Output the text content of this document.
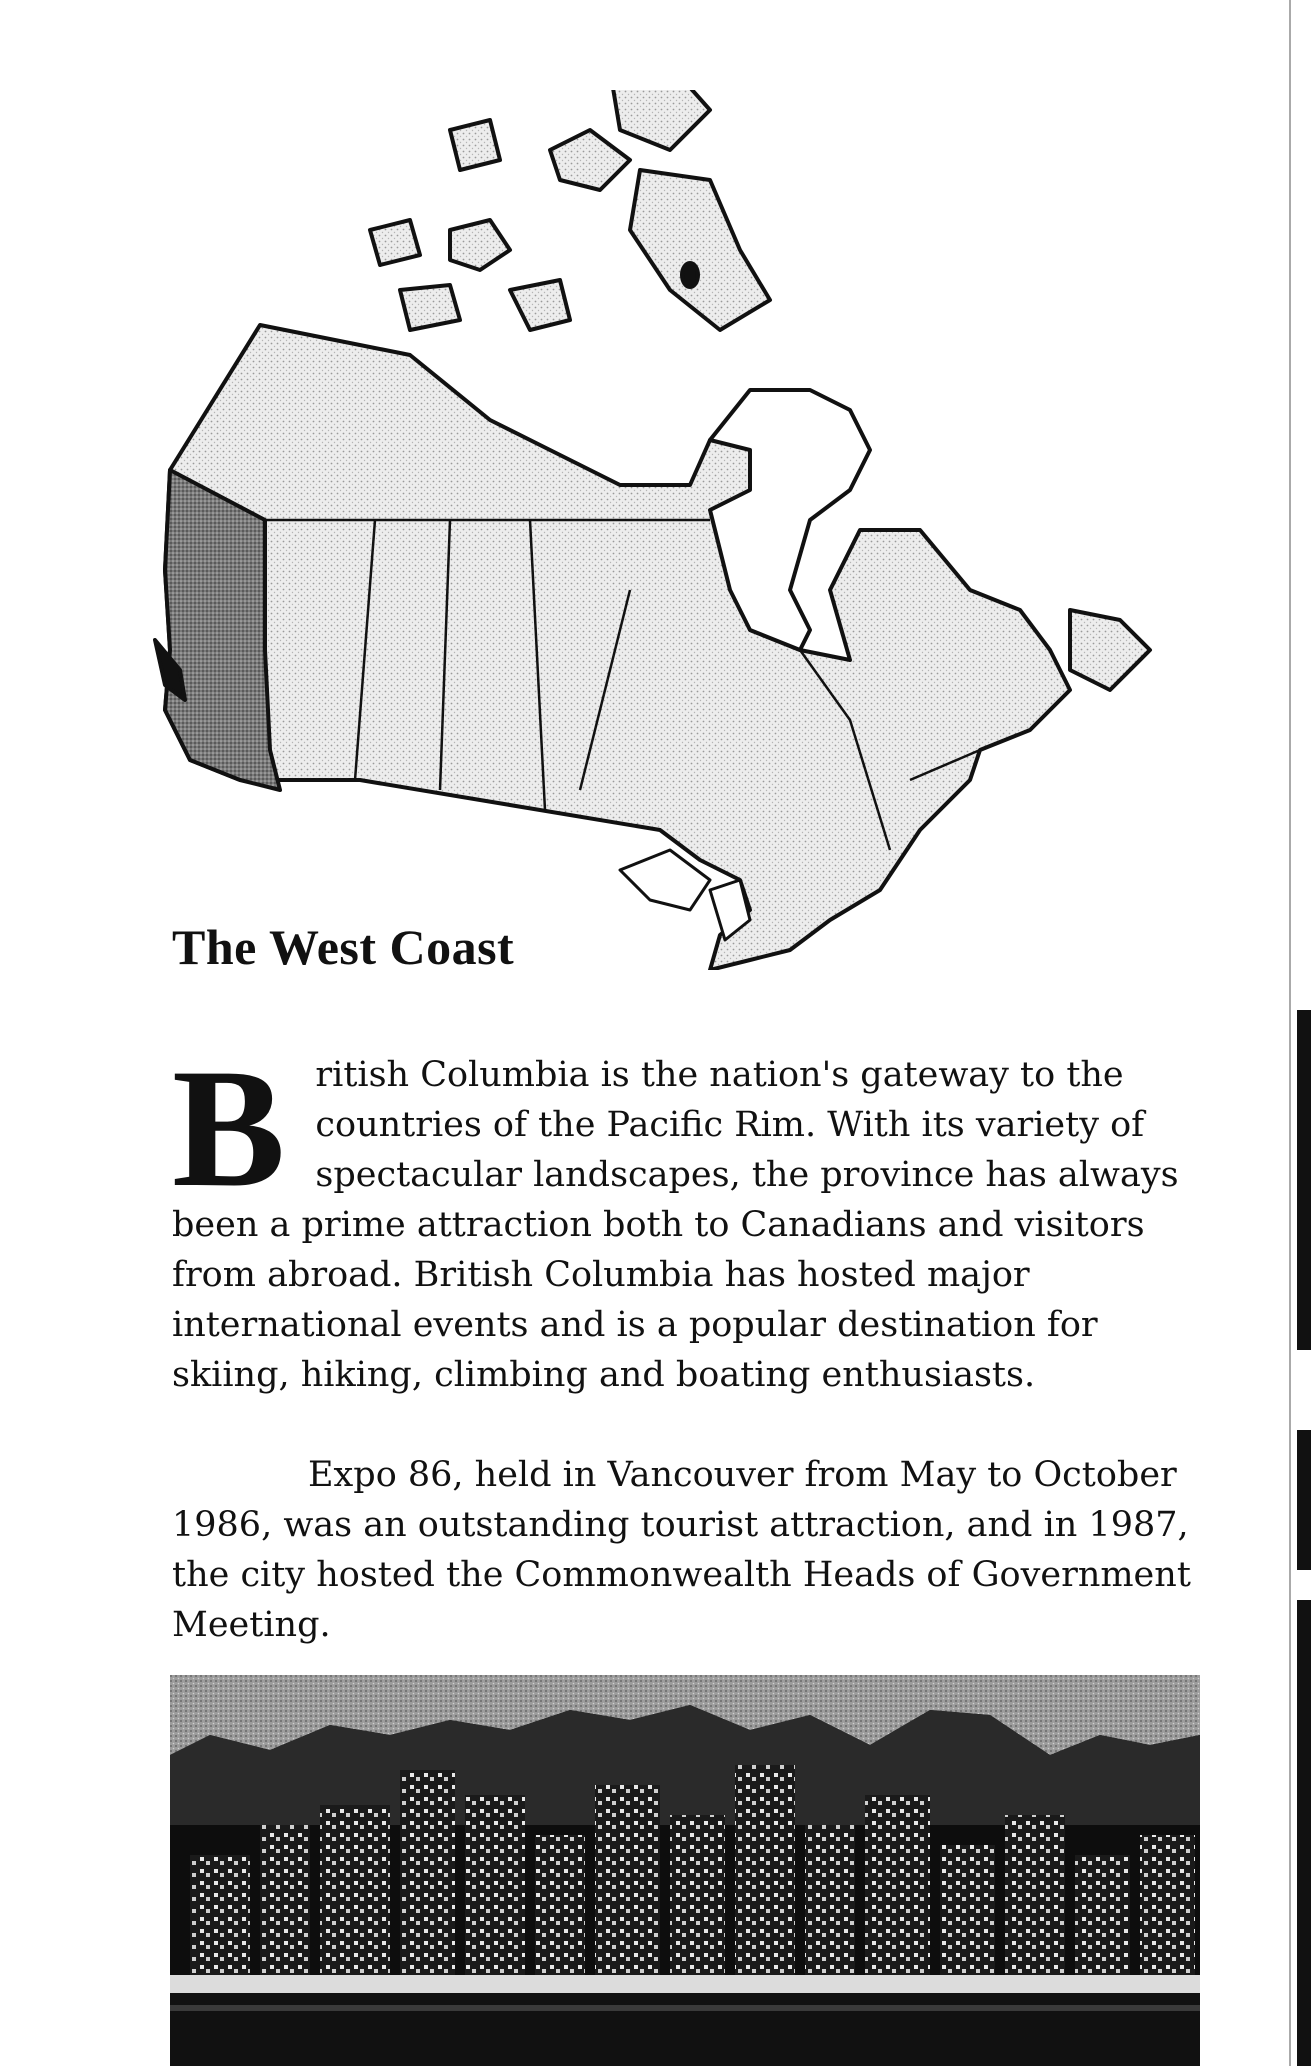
The West Coast
British Columbia is the nation's gateway to the countries of the Pacific Rim. With its variety of spectacular landscapes, the province has always been a prime attraction both to Canadians and visitors from abroad. British Columbia has hosted major international events and is a popular destination for skiing, hiking, climbing and boating enthusiasts.
Expo 86, held in Vancouver from May to October 1986, was an outstanding tourist attraction, and in 1987, the city hosted the Commonwealth Heads of Government Meeting.
